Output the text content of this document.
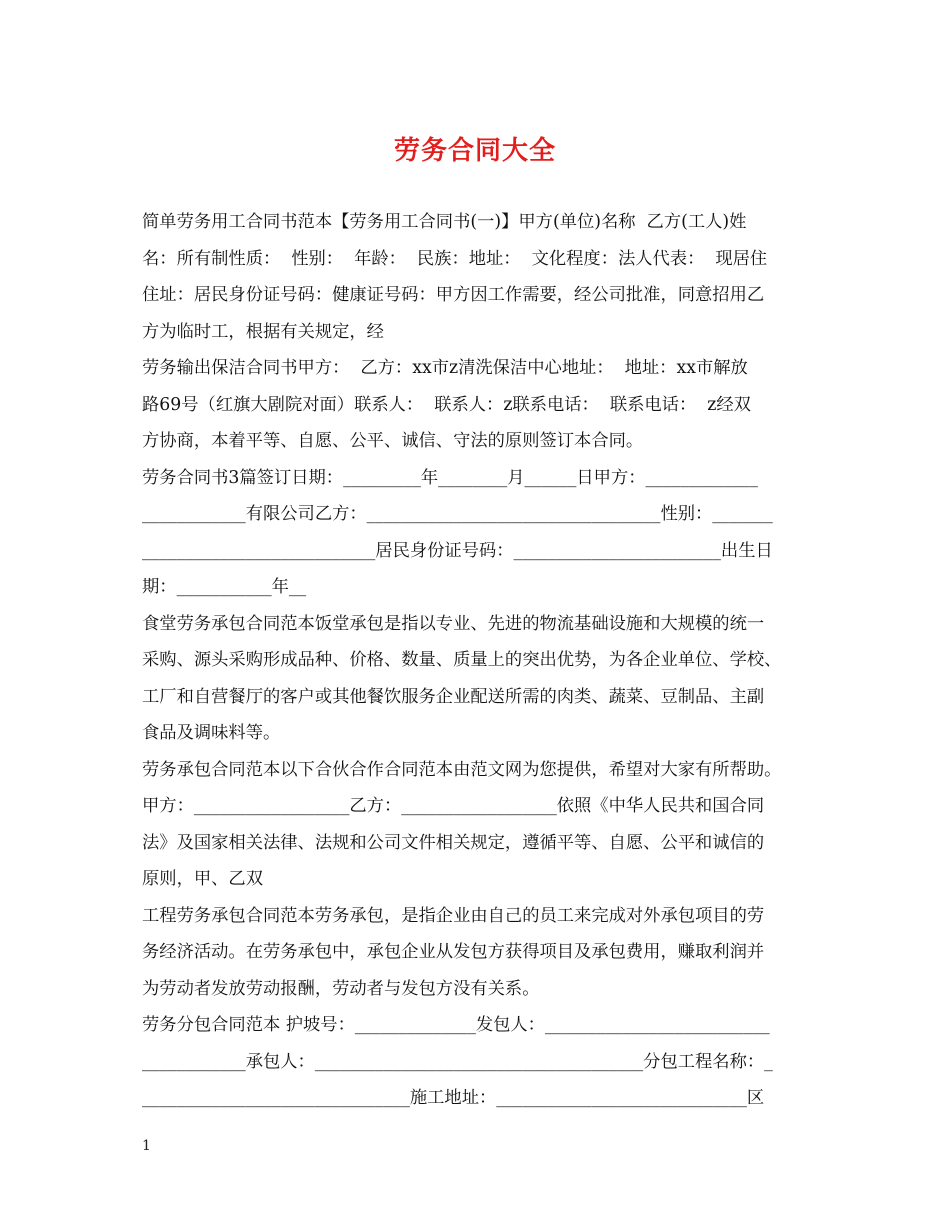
劳务合同大全
简单劳务用工合同书范本【劳务用工合同书(一)】甲方(单位)名称  乙方(工人)姓
名：所有制性质：  性别：  年龄：  民族：地址：  文化程度：法人代表：  现居住
住址：居民身份证号码：健康证号码：甲方因工作需要，经公司批准，同意招用乙
方为临时工，根据有关规定，经
劳务输出保洁合同书甲方：  乙方：xx市z清洗保洁中心地址：  地址：xx市解放
路69号（红旗大剧院对面）联系人：  联系人：z联系电话：  联系电话：  z经双
方协商，本着平等、自愿、公平、诚信、守法的原则签订本合同。
劳务合同书3篇签订日期：_________年________月______日甲方：_____________
____________有限公司乙方：__________________________________性别：_______
___________________________居民身份证号码：________________________出生日
期：___________年__
食堂劳务承包合同范本饭堂承包是指以专业、先进的物流基础设施和大规模的统一
采购、源头采购形成品种、价格、数量、质量上的突出优势，为各企业单位、学校、
工厂和自营餐厅的客户或其他餐饮服务企业配送所需的肉类、蔬菜、豆制品、主副
食品及调味料等。
劳务承包合同范本以下合伙合作合同范本由范文网为您提供，希望对大家有所帮助。
甲方：__________________乙方：__________________依照《中华人民共和国合同
法》及国家相关法律、法规和公司文件相关规定，遵循平等、自愿、公平和诚信的
原则，甲、乙双
工程劳务承包合同范本劳务承包，是指企业由自己的员工来完成对外承包项目的劳
务经济活动。在劳务承包中，承包企业从发包方获得项目及承包费用，赚取利润并
为劳动者发放劳动报酬，劳动者与发包方没有关系。
劳务分包合同范本 护坡号：______________发包人：__________________________
____________承包人：______________________________________分包工程名称：_
_______________________________施工地址：_____________________________区
1
